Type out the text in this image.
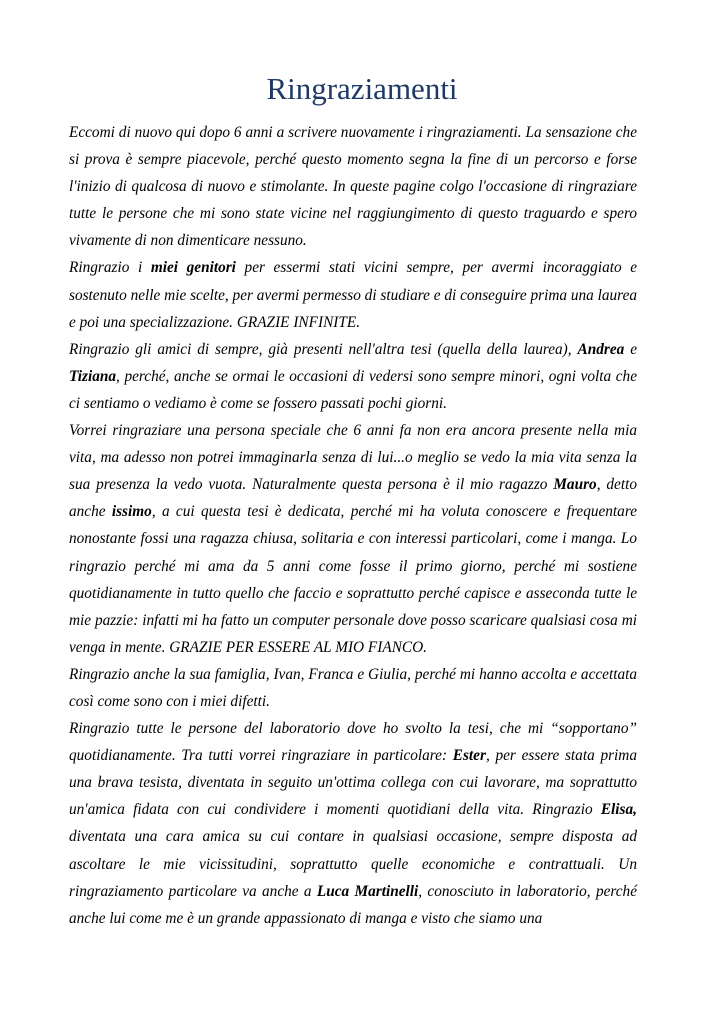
Ringraziamenti

Eccomi di nuovo qui dopo 6 anni a scrivere nuovamente i ringraziamenti. La sensazione che si prova è sempre piacevole, perché questo momento segna la fine di un percorso e forse l'inizio di qualcosa di nuovo e stimolante. In queste pagine colgo l'occasione di ringraziare tutte le persone che mi sono state vicine nel raggiungimento di questo traguardo e spero vivamente di non dimenticare nessuno.

Ringrazio i miei genitori per essermi stati vicini sempre, per avermi incoraggiato e sostenuto nelle mie scelte, per avermi permesso di studiare e di conseguire prima una laurea e poi una specializzazione. GRAZIE INFINITE.

Ringrazio gli amici di sempre, già presenti nell'altra tesi (quella della laurea), Andrea e Tiziana, perché, anche se ormai le occasioni di vedersi sono sempre minori, ogni volta che ci sentiamo o vediamo è come se fossero passati pochi giorni.

Vorrei ringraziare una persona speciale che 6 anni fa non era ancora presente nella mia vita, ma adesso non potrei immaginarla senza di lui...o meglio se vedo la mia vita senza la sua presenza la vedo vuota. Naturalmente questa persona è il mio ragazzo Mauro, detto anche issimo, a cui questa tesi è dedicata, perché mi ha voluta conoscere e frequentare nonostante fossi una ragazza chiusa, solitaria e con interessi particolari, come i manga. Lo ringrazio perché mi ama da 5 anni come fosse il primo giorno, perché mi sostiene quotidianamente in tutto quello che faccio e soprattutto perché capisce e asseconda tutte le mie pazzie: infatti mi ha fatto un computer personale dove posso scaricare qualsiasi cosa mi venga in mente. GRAZIE PER ESSERE AL MIO FIANCO.

Ringrazio anche la sua famiglia, Ivan, Franca e Giulia, perché mi hanno accolta e accettata così come sono con i miei difetti.

Ringrazio tutte le persone del laboratorio dove ho svolto la tesi, che mi “sopportano” quotidianamente. Tra tutti vorrei ringraziare in particolare: Ester, per essere stata prima una brava tesista, diventata in seguito un'ottima collega con cui lavorare, ma soprattutto un'amica fidata con cui condividere i momenti quotidiani della vita. Ringrazio Elisa, diventata una cara amica su cui contare in qualsiasi occasione, sempre disposta ad ascoltare le mie vicissitudini, soprattutto quelle economiche e contrattuali. Un ringraziamento particolare va anche a Luca Martinelli, conosciuto in laboratorio, perché anche lui come me è un grande appassionato di manga e visto che siamo una
